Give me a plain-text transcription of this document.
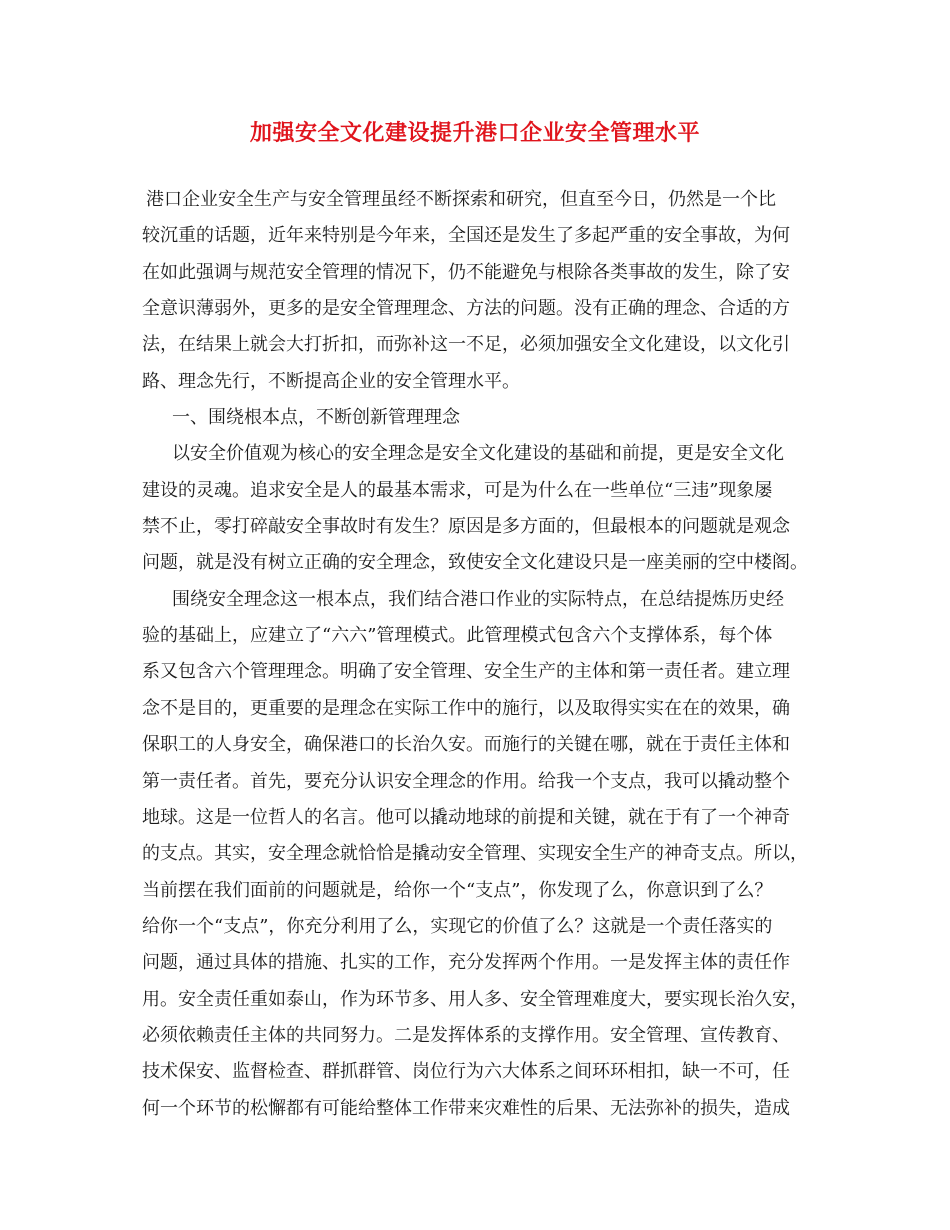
加强安全文化建设提升港口企业安全管理水平
港口企业安全生产与安全管理虽经不断探索和研究，但直至今日，仍然是一个比
较沉重的话题，近年来特别是今年来，全国还是发生了多起严重的安全事故，为何
在如此强调与规范安全管理的情况下，仍不能避免与根除各类事故的发生，除了安
全意识薄弱外，更多的是安全管理理念、方法的问题。没有正确的理念、合适的方
法，在结果上就会大打折扣，而弥补这一不足，必须加强安全文化建设，以文化引
路、理念先行，不断提高企业的安全管理水平。
一、围绕根本点，不断创新管理理念
以安全价值观为核心的安全理念是安全文化建设的基础和前提，更是安全文化
建设的灵魂。追求安全是人的最基本需求，可是为什么在一些单位“三违”现象屡
禁不止，零打碎敲安全事故时有发生？原因是多方面的，但最根本的问题就是观念
问题，就是没有树立正确的安全理念，致使安全文化建设只是一座美丽的空中楼阁。
围绕安全理念这一根本点，我们结合港口作业的实际特点，在总结提炼历史经
验的基础上，应建立了“六六”管理模式。此管理模式包含六个支撑体系，每个体
系又包含六个管理理念。明确了安全管理、安全生产的主体和第一责任者。建立理
念不是目的，更重要的是理念在实际工作中的施行，以及取得实实在在的效果，确
保职工的人身安全，确保港口的长治久安。而施行的关键在哪，就在于责任主体和
第一责任者。首先，要充分认识安全理念的作用。给我一个支点，我可以撬动整个
地球。这是一位哲人的名言。他可以撬动地球的前提和关键，就在于有了一个神奇
的支点。其实，安全理念就恰恰是撬动安全管理、实现安全生产的神奇支点。所以，
当前摆在我们面前的问题就是，给你一个“支点”，你发现了么，你意识到了么？
给你一个“支点”，你充分利用了么，实现它的价值了么？这就是一个责任落实的
问题，通过具体的措施、扎实的工作，充分发挥两个作用。一是发挥主体的责任作
用。安全责任重如泰山，作为环节多、用人多、安全管理难度大，要实现长治久安，
必须依赖责任主体的共同努力。二是发挥体系的支撑作用。安全管理、宣传教育、
技术保安、监督检查、群抓群管、岗位行为六大体系之间环环相扣，缺一不可，任
何一个环节的松懈都有可能给整体工作带来灾难性的后果、无法弥补的损失，造成
